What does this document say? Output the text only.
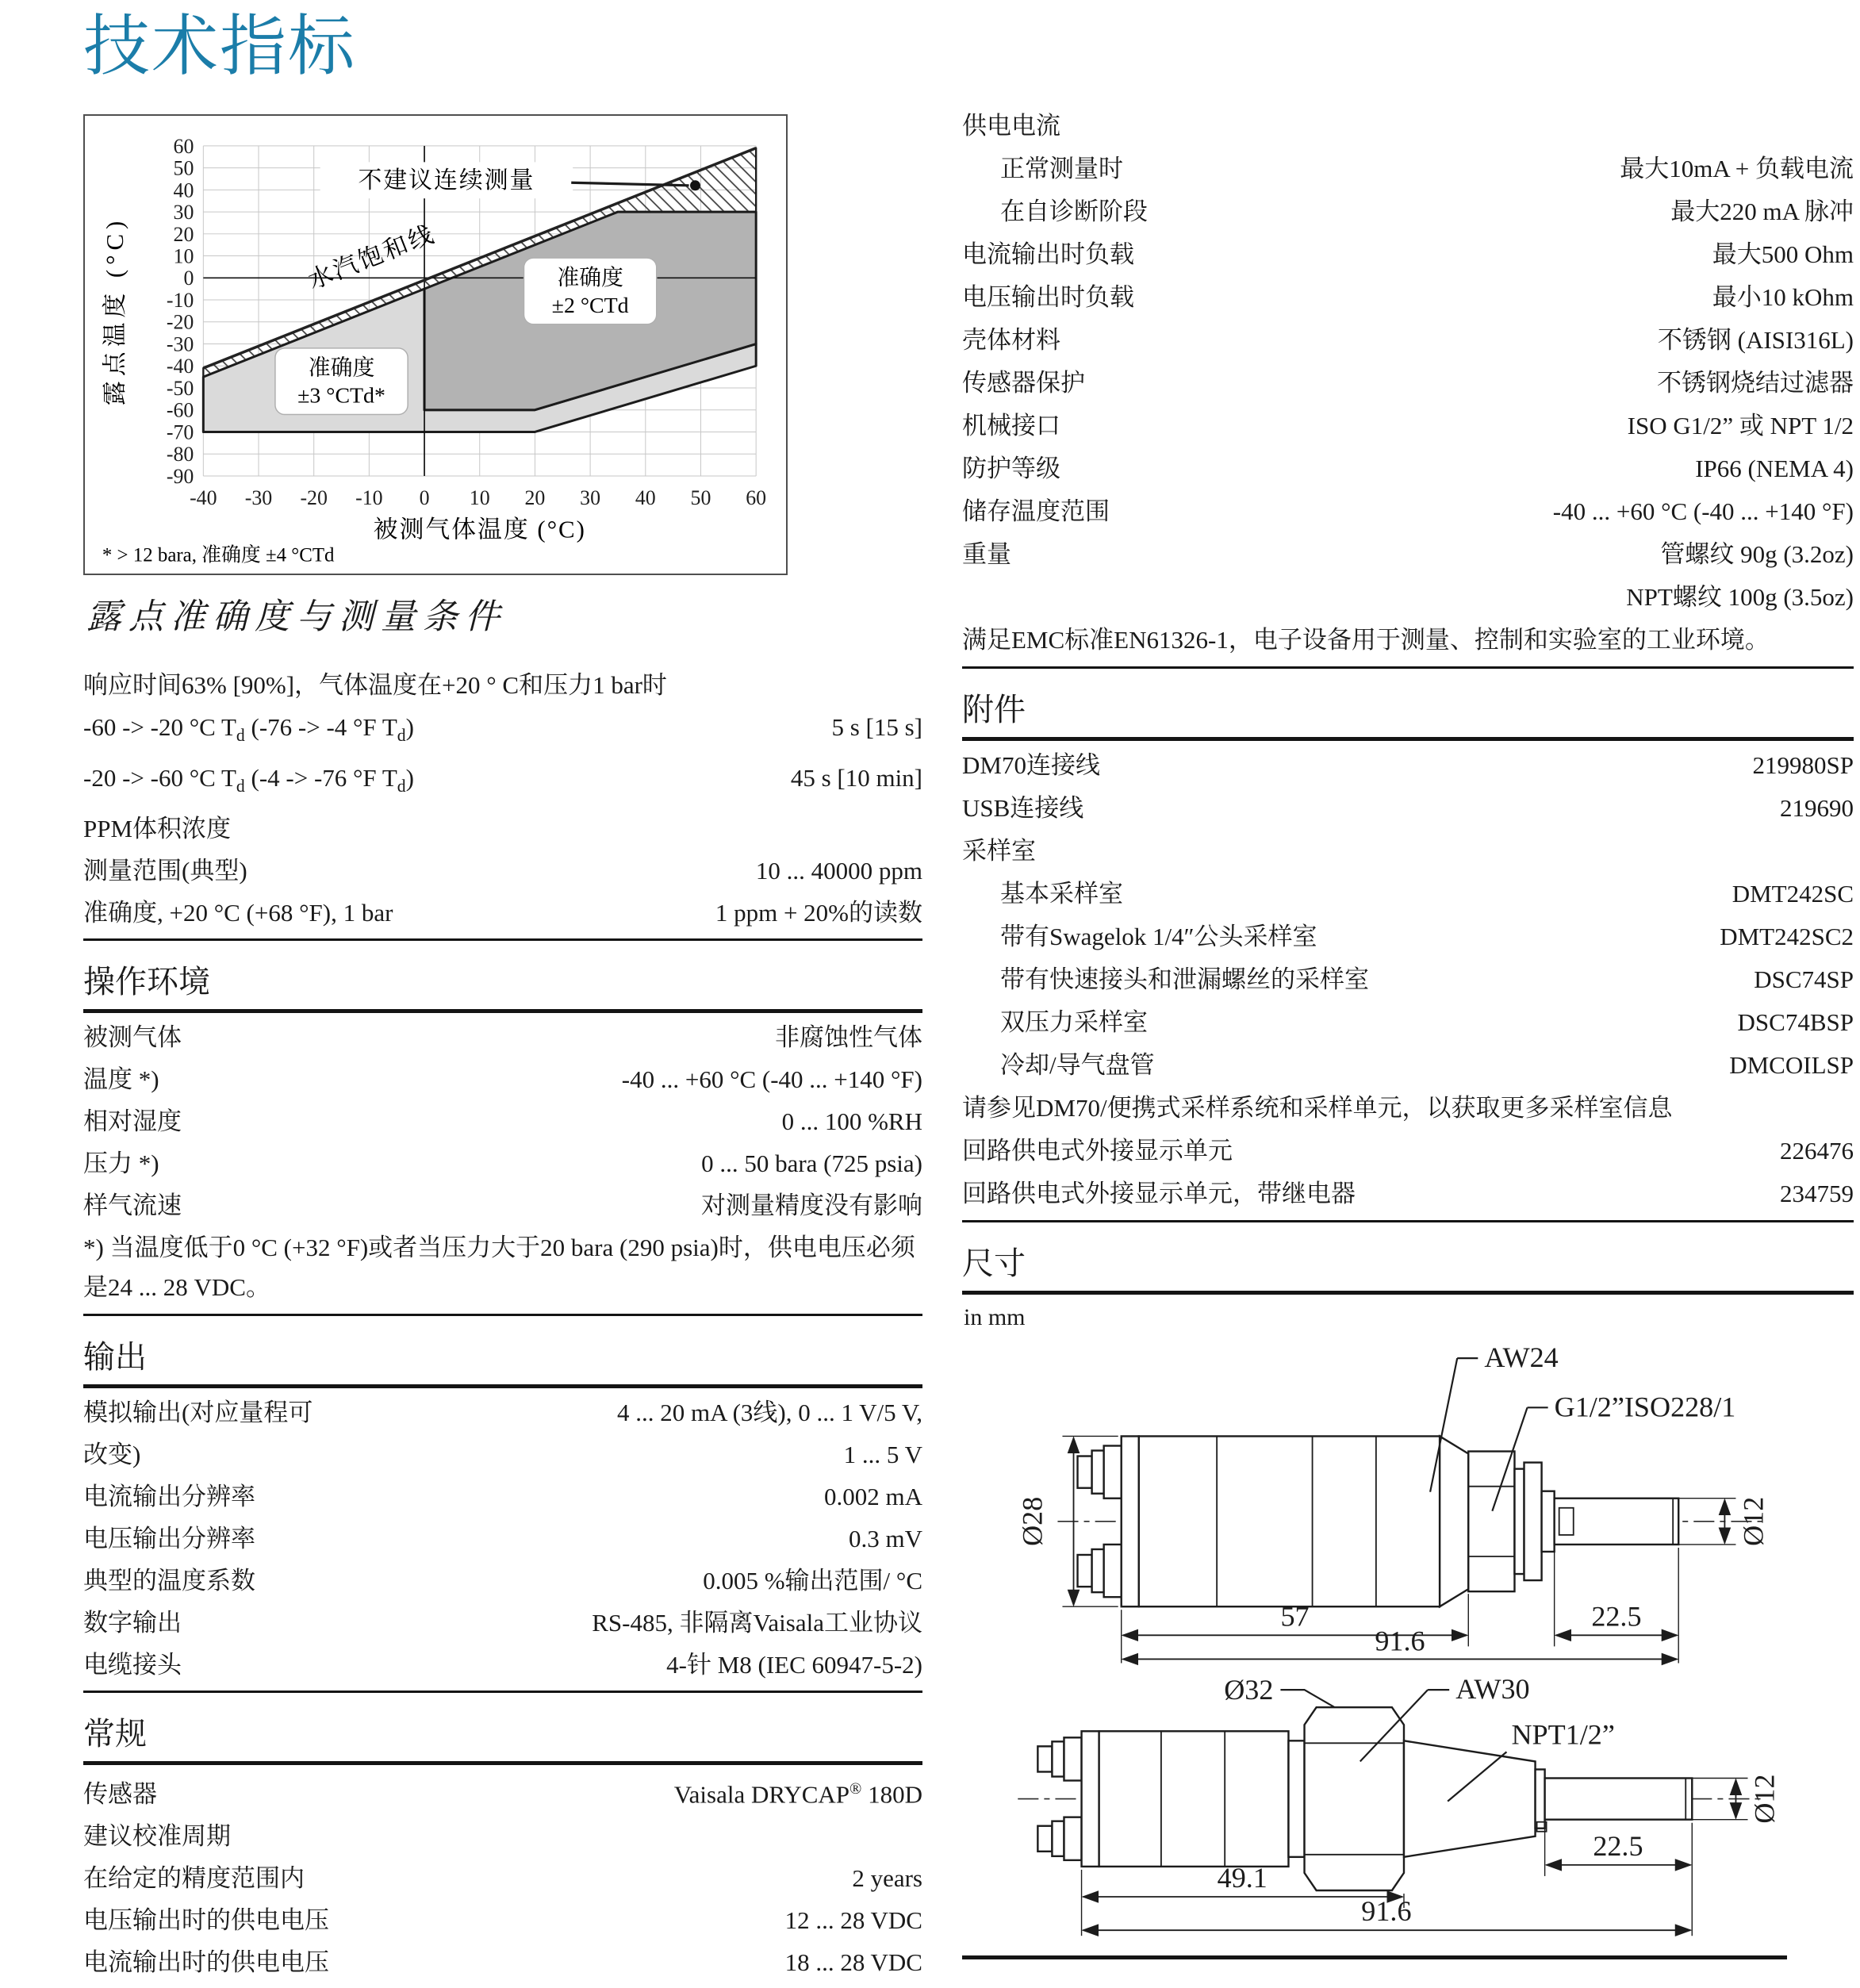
技术指标
-40 -30 -20 -10 0 10 20 30 40 50 60
-90
-80
-70
-60
-50
-40
-30
-20
-10
0
10
20
30
40
50
60
水汽饱和线
准确度
±3 °CTd*
准确度
±2 °CTd
不建议连续测量
被测气体温度 (°C)
露点温度 (°C)
* > 12 bara, 准确度 ±4 °CTd
露点准确度与测量条件
响应时间63% [90%]，气体温度在+20 ° C和压力1 bar时
-60 -> -20 °C $T_d$ (-76 -> -4 °F $T_d$)	5 s [15 s]
-20 -> -60 °C $T_d$ (-4 -> -76 °F $T_d$)	45 s [10 min]
PPM体积浓度
测量范围(典型)	10 ... 40000 ppm
准确度, +20 °C (+68 °F), 1 bar	1 ppm + 20%的读数
操作环境
被测气体	非腐蚀性气体
温度 *)	-40 ... +60 °C (-40 ... +140 °F)
相对湿度	0 ... 100 %RH
压力 *)	0 ... 50 bara (725 psia)
样气流速	对测量精度没有影响
*) 当温度低于0 °C (+32 °F)或者当压力大于20 bara (290 psia)时，供电电压必须是24 ... 28 VDC。
输出
模拟输出(对应量程可	4 ... 20 mA (3线), 0 ... 1 V/5 V,
改变)	1 ... 5 V
电流输出分辨率	0.002 mA
电压输出分辨率	0.3 mV
典型的温度系数	0.005 %输出范围/ °C
数字输出	RS-485, 非隔离Vaisala工业协议
电缆接头	4-针 M8 (IEC 60947-5-2)
常规
传感器	Vaisala DRYCAP® 180D
建议校准周期
在给定的精度范围内	2 years
电压输出时的供电电压	12 ... 28 VDC
电流输出时的供电电压	18 ... 28 VDC
供电电流
正常测量时	最大10mA + 负载电流
在自诊断阶段	最大220 mA 脉冲
电流输出时负载	最大500 Ohm
电压输出时负载	最小10 kOhm
壳体材料	不锈钢 (AISI316L)
传感器保护	不锈钢烧结过滤器
机械接口	ISO G1/2” 或 NPT 1/2
防护等级	IP66 (NEMA 4)
储存温度范围	-40 ... +60 °C (-40 ... +140 °F)
重量	管螺纹 90g (3.2oz)
NPT螺纹 100g (3.5oz)
满足EMC标准EN61326-1，电子设备用于测量、控制和实验室的工业环境。
附件
DM70连接线	219980SP
USB连接线	219690
采样室
基本采样室	DMT242SC
带有Swagelok 1/4″公头采样室	DMT242SC2
带有快速接头和泄漏螺丝的采样室	DSC74SP
双压力采样室	DSC74BSP
冷却/导气盘管	DMCOILSP
请参见DM70/便携式采样系统和采样单元，以获取更多采样室信息
回路供电式外接显示单元	226476
回路供电式外接显示单元，带继电器	234759
尺寸
in mm
AW24
G1/2”ISO228/1
Ø28	Ø12
57	22.5
91.6
Ø32	AW30
NPT1/2”
Ø12
22.5
49.1
91.6
